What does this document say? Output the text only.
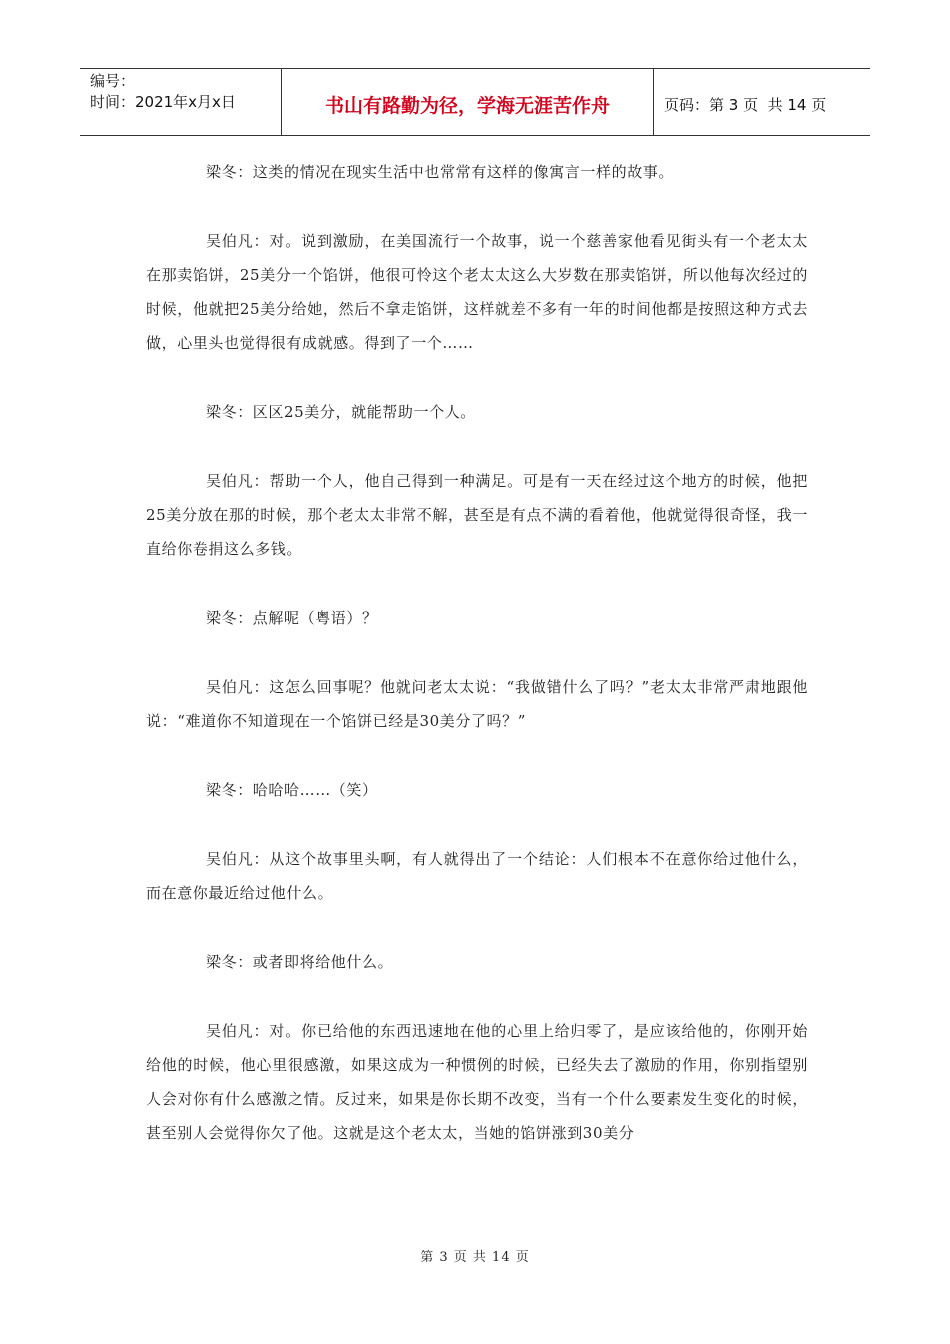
编号：
时间：2021年x月x日	书山有路勤为径，学海无涯苦作舟	页码：第 3 页  共 14 页

梁冬：这类的情况在现实生活中也常常有这样的像寓言一样的故事。

吴伯凡：对。说到激励，在美国流行一个故事，说一个慈善家他看见街头有一个老太太在那卖馅饼，25美分一个馅饼，他很可怜这个老太太这么大岁数在那卖馅饼，所以他每次经过的时候，他就把25美分给她，然后不拿走馅饼，这样就差不多有一年的时间他都是按照这种方式去做，心里头也觉得很有成就感。得到了一个……

梁冬：区区25美分，就能帮助一个人。

吴伯凡：帮助一个人，他自己得到一种满足。可是有一天在经过这个地方的时候，他把25美分放在那的时候，那个老太太非常不解，甚至是有点不满的看着他，他就觉得很奇怪，我一直给你卷捐这么多钱。

梁冬：点解呢（粤语）？

吴伯凡：这怎么回事呢？他就问老太太说：“我做错什么了吗？”老太太非常严肃地跟他说：“难道你不知道现在一个馅饼已经是30美分了吗？”

梁冬：哈哈哈……（笑）

吴伯凡：从这个故事里头啊，有人就得出了一个结论：人们根本不在意你给过他什么，而在意你最近给过他什么。

梁冬：或者即将给他什么。

吴伯凡：对。你已给他的东西迅速地在他的心里上给归零了，是应该给他的，你刚开始给他的时候，他心里很感激，如果这成为一种惯例的时候，已经失去了激励的作用，你别指望别人会对你有什么感激之情。反过来，如果是你长期不改变，当有一个什么要素发生变化的时候，甚至别人会觉得你欠了他。这就是这个老太太，当她的馅饼涨到30美分

第 3 页 共 14 页
